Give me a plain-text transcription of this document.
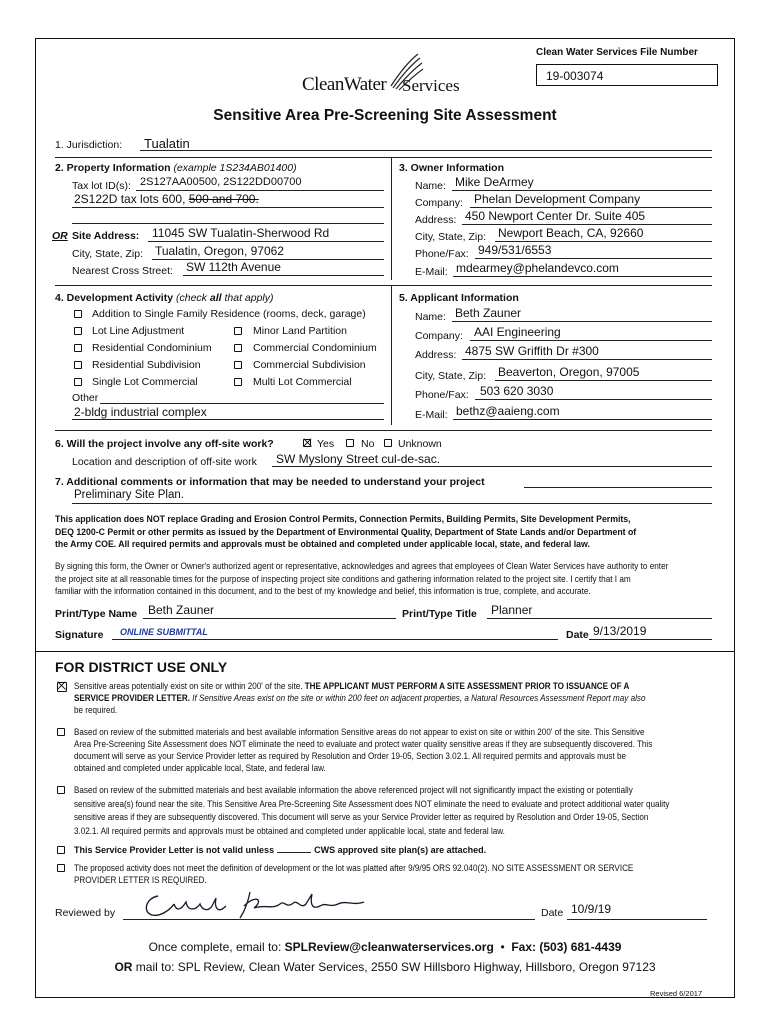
Clean Water Services File Number
19-003074
CleanWater Services
Sensitive Area Pre-Screening Site Assessment
1. Jurisdiction: Tualatin
2. Property Information (example 1S234AB01400)
Tax lot ID(s): 2S127AA00500, 2S122DD00700
2S122D tax lots 600, 500 and 700.
OR Site Address: 11045 SW Tualatin-Sherwood Rd
City, State, Zip: Tualatin, Oregon, 97062
Nearest Cross Street: SW 112th Avenue
3. Owner Information
Name: Mike DeArmey
Company: Phelan Development Company
Address: 450 Newport Center Dr. Suite 405
City, State, Zip: Newport Beach, CA, 92660
Phone/Fax: 949/531/6553
E-Mail: mdearmey@phelandevco.com
4. Development Activity (check all that apply)
Addition to Single Family Residence (rooms, deck, garage)
Lot Line Adjustment	Minor Land Partition
Residential Condominium	Commercial Condominium
Residential Subdivision	Commercial Subdivision
Single Lot Commercial	Multi Lot Commercial
Other
2-bldg industrial complex
5. Applicant Information
Name: Beth Zauner
Company: AAI Engineering
Address: 4875 SW Griffith Dr #300
City, State, Zip: Beaverton, Oregon, 97005
Phone/Fax: 503 620 3030
E-Mail: bethz@aaieng.com
6. Will the project involve any off-site work?	Yes	No Unknown
Location and description of off-site work SW Myslony Street cul-de-sac.
7. Additional comments or information that may be needed to understand your project
Preliminary Site Plan.
This application does NOT replace Grading and Erosion Control Permits, Connection Permits, Building Permits, Site Development Permits,
DEQ 1200-C Permit or other permits as issued by the Department of Environmental Quality, Department of State Lands and/or Department of
the Army COE. All required permits and approvals must be obtained and completed under applicable local, state, and federal law.
By signing this form, the Owner or Owner's authorized agent or representative, acknowledges and agrees that employees of Clean Water Services have authority to enter
the project site at all reasonable times for the purpose of inspecting project site conditions and gathering information related to the project site. I certify that I am
familiar with the information contained in this document, and to the best of my knowledge and belief, this information is true, complete, and accurate.
Print/Type Name Beth Zauner	Print/Type Title Planner
Signature ONLINE SUBMITTAL	Date 9/13/2019
FOR DISTRICT USE ONLY
Sensitive areas potentially exist on site or within 200' of the site. THE APPLICANT MUST PERFORM A SITE ASSESSMENT PRIOR TO ISSUANCE OF A
SERVICE PROVIDER LETTER. If Sensitive Areas exist on the site or within 200 feet on adjacent properties, a Natural Resources Assessment Report may also
be required.
Based on review of the submitted materials and best available information Sensitive areas do not appear to exist on site or within 200' of the site. This Sensitive
Area Pre-Screening Site Assessment does NOT eliminate the need to evaluate and protect water quality sensitive areas if they are subsequently discovered. This
document will serve as your Service Provider letter as required by Resolution and Order 19-05, Section 3.02.1. All required permits and approvals must be
obtained and completed under applicable local, State, and federal law.
Based on review of the submitted materials and best available information the above referenced project will not significantly impact the existing or potentially
sensitive area(s) found near the site. This Sensitive Area Pre-Screening Site Assessment does NOT eliminate the need to evaluate and protect additional water quality
sensitive areas if they are subsequently discovered. This document will serve as your Service Provider letter as required by Resolution and Order 19-05, Section
3.02.1. All required permits and approvals must be obtained and completed under applicable local, state and federal law.
This Service Provider Letter is not valid unless	CWS approved site plan(s) are attached.
The proposed activity does not meet the definition of development or the lot was platted after 9/9/95 ORS 92.040(2). NO SITE ASSESSMENT OR SERVICE
PROVIDER LETTER IS REQUIRED.
Reviewed by	Date 10/9/19
Once complete, email to: SPLReview@cleanwaterservices.org • Fax: (503) 681-4439
OR mail to: SPL Review, Clean Water Services, 2550 SW Hillsboro Highway, Hillsboro, Oregon 97123
Revised 6/2017
